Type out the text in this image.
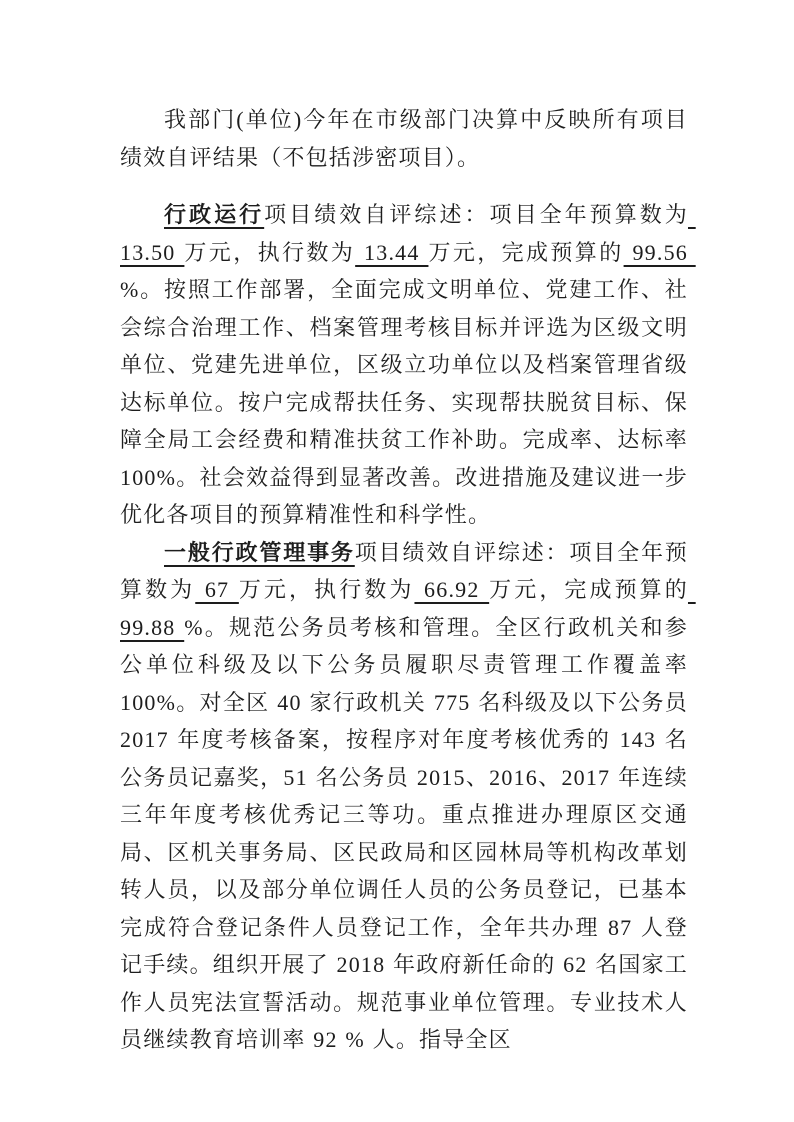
我部门(单位)今年在市级部门决算中反映所有项目绩效自评结果（不包括涉密项目）。

行政运行项目绩效自评综述：项目全年预算数为 13.50 万元，执行数为 13.44 万元，完成预算的 99.56 %。按照工作部署，全面完成文明单位、党建工作、社会综合治理工作、档案管理考核目标并评选为区级文明单位、党建先进单位，区级立功单位以及档案管理省级达标单位。按户完成帮扶任务、实现帮扶脱贫目标、保障全局工会经费和精准扶贫工作补助。完成率、达标率 100%。社会效益得到显著改善。改进措施及建议进一步优化各项目的预算精准性和科学性。

一般行政管理事务项目绩效自评综述：项目全年预算数为 67 万元，执行数为 66.92 万元，完成预算的 99.88 %。规范公务员考核和管理。全区行政机关和参公单位科级及以下公务员履职尽责管理工作覆盖率 100%。对全区 40 家行政机关 775 名科级及以下公务员 2017 年度考核备案，按程序对年度考核优秀的 143 名公务员记嘉奖，51 名公务员 2015、2016、2017 年连续三年年度考核优秀记三等功。重点推进办理原区交通局、区机关事务局、区民政局和区园林局等机构改革划转人员，以及部分单位调任人员的公务员登记，已基本完成符合登记条件人员登记工作，全年共办理 87 人登记手续。组织开展了 2018 年政府新任命的 62 名国家工作人员宪法宣誓活动。规范事业单位管理。专业技术人员继续教育培训率 92 % 人。指导全区
